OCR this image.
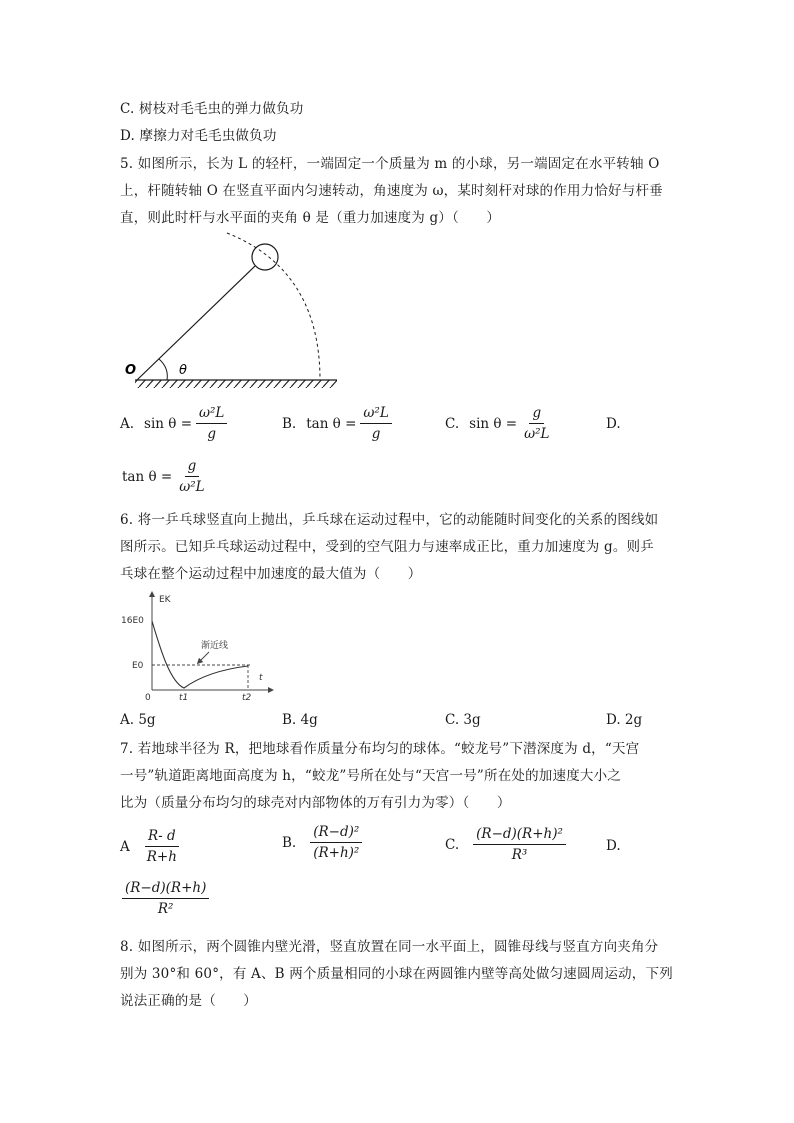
C. 树枝对毛毛虫的弹力做负功
D. 摩擦力对毛毛虫做负功
5. 如图所示，长为 L 的轻杆，一端固定一个质量为 m 的小球，另一端固定在水平转轴 O
上，杆随转轴 O 在竖直平面内匀速转动，角速度为 ω，某时刻杆对球的作用力恰好与杆垂
直，则此时杆与水平面的夹角 θ 是（重力加速度为 g）（　　）
O	θ
A. $\sin \theta = \frac{\text{ω²L}}{g}$	B. $\tan \theta = \frac{\text{ω²L}}{g}$	C. $\sin \theta = \frac{g}{\text{ω²L}}$	D.
$\tan \theta = \frac{g}{\text{ω²L}}$
6. 将一乒乓球竖直向上抛出，乒乓球在运动过程中，它的动能随时间变化的关系的图线如
图所示。已知乒乓球运动过程中，受到的空气阻力与速率成正比，重力加速度为 g。则乒
乓球在整个运动过程中加速度的最大值为（　　）
EK
16E0
E0
0	t1	t2
t
渐近线
A. 5g	B. 4g	C. 3g	D. 2g
7. 若地球半径为 R，把地球看作质量分布均匀的球体。“蛟龙号”下潜深度为 d，“天宫
一号”轨道距离地面高度为 h，“蛟龙”号所在处与“天宫一号”所在处的加速度大小之
比为（质量分布均匀的球壳对内部物体的万有引力为零）（　　）
A $\frac{R- d}{R+h}$	B. $\frac{\text{(R−d)²}}{\text{(R+h)²}}$	C. $\frac{\text{(R−d)(R+h)²}}{\text{R³}}$	D.
$\frac{(R-d)(R+h)}{\text{R²}}$
8. 如图所示，两个圆锥内壁光滑，竖直放置在同一水平面上，圆锥母线与竖直方向夹角分
别为 30°和 60°，有 A、B 两个质量相同的小球在两圆锥内壁等高处做匀速圆周运动，下列
说法正确的是（　　）
